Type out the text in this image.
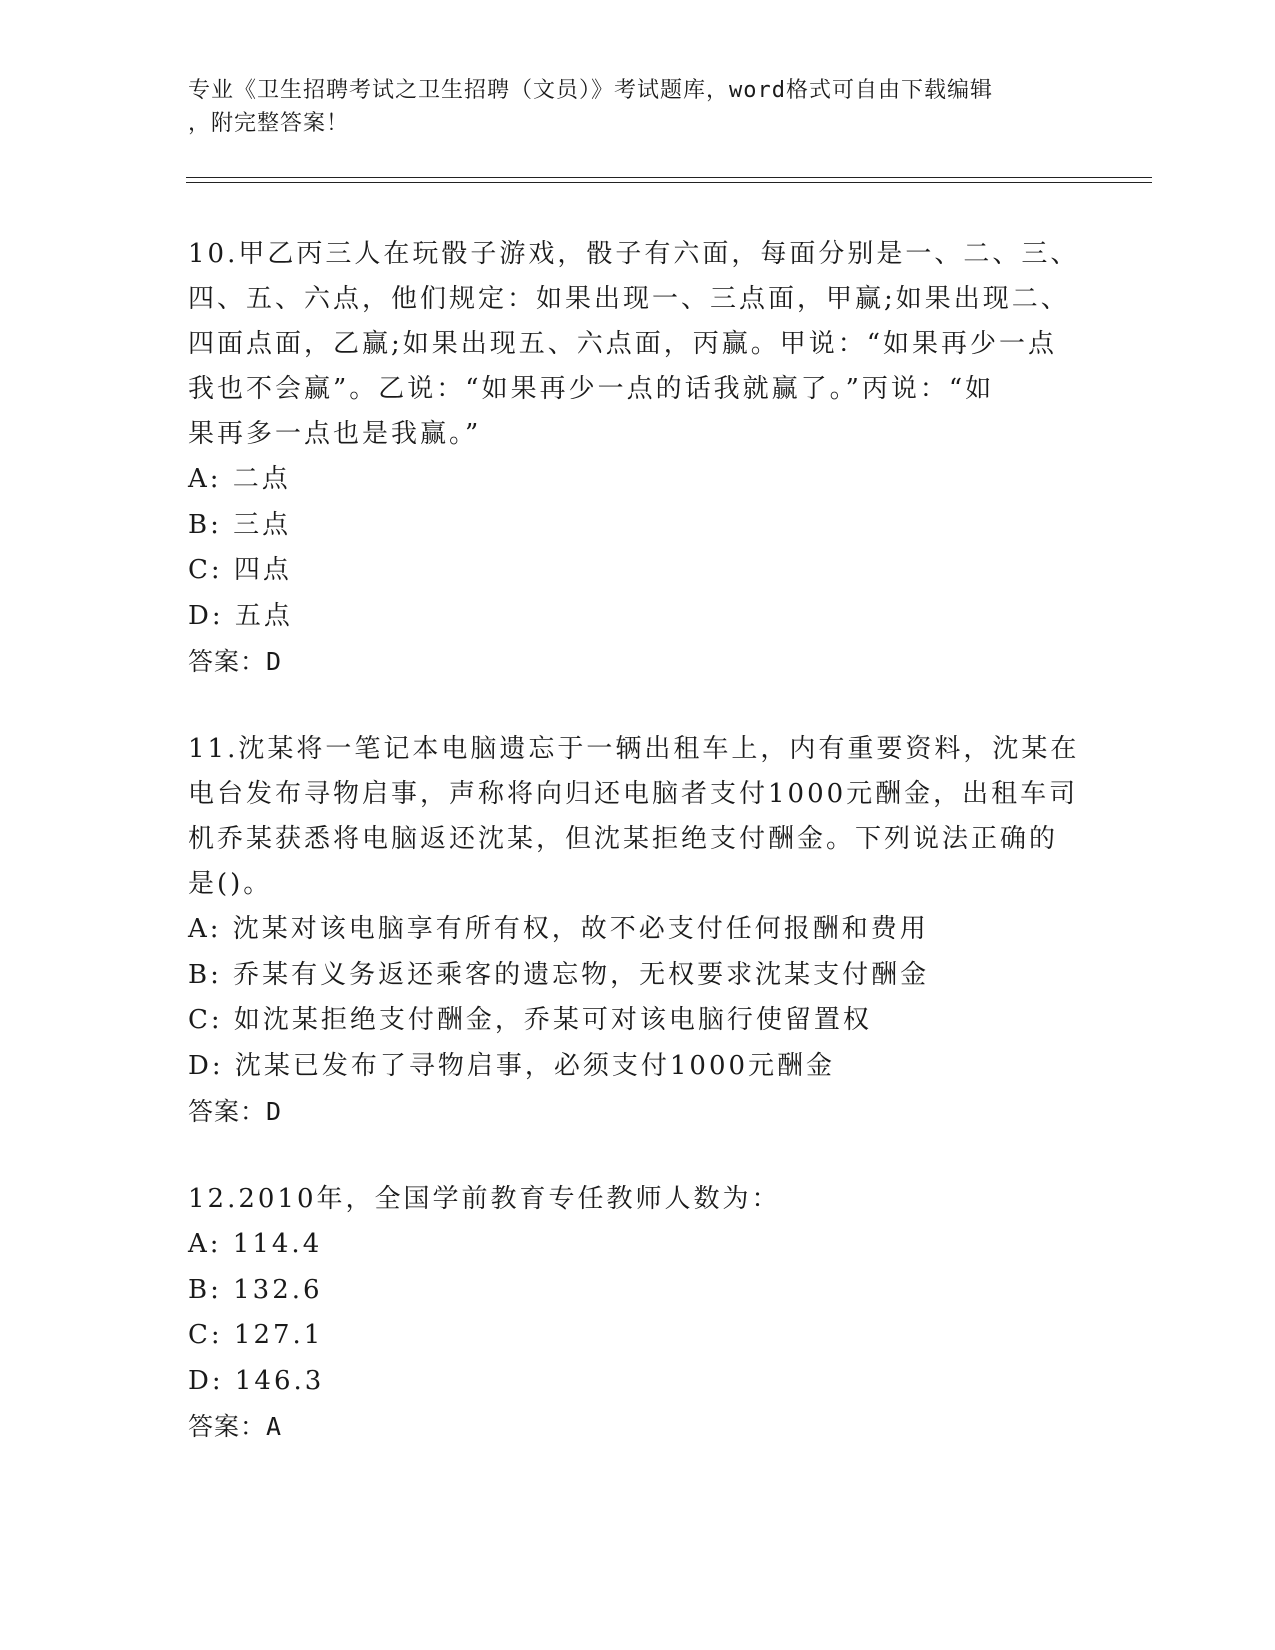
专业《卫生招聘考试之卫生招聘（文员）》考试题库，word格式可自由下载编辑
，附完整答案！

10.甲乙丙三人在玩骰子游戏，骰子有六面，每面分别是一、二、三、

四、五、六点，他们规定：如果出现一、三点面，甲赢;如果出现二、

四面点面，乙赢;如果出现五、六点面，丙赢。甲说：“如果再少一点

我也不会赢”。乙说：“如果再少一点的话我就赢了。”丙说：“如

果再多一点也是我赢。”

A: 二点

B: 三点

C: 四点

D: 五点

答案：D

11.沈某将一笔记本电脑遗忘于一辆出租车上，内有重要资料，沈某在

电台发布寻物启事，声称将向归还电脑者支付1000元酬金，出租车司

机乔某获悉将电脑返还沈某，但沈某拒绝支付酬金。下列说法正确的

是()。

A: 沈某对该电脑享有所有权，故不必支付任何报酬和费用

B: 乔某有义务返还乘客的遗忘物，无权要求沈某支付酬金

C: 如沈某拒绝支付酬金，乔某可对该电脑行使留置权

D: 沈某已发布了寻物启事，必须支付1000元酬金

答案：D

12.2010年，全国学前教育专任教师人数为：

A: 114.4

B: 132.6

C: 127.1

D: 146.3

答案：A
